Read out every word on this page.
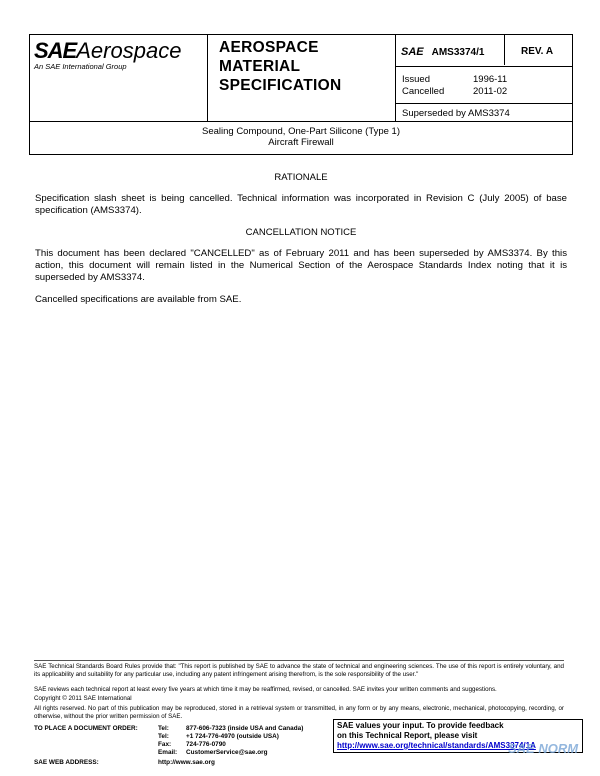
SAEAerospace
An SAE International Group
AEROSPACE
MATERIAL
SPECIFICATION
SAE AMS3374/1	REV. A
Issued	1996-11
Cancelled	2011-02
Superseded by AMS3374
Sealing Compound, One-Part Silicone (Type 1)
Aircraft Firewall
RATIONALE
Specification slash sheet is being cancelled. Technical information was incorporated in Revision C (July 2005) of base specification (AMS3374).
CANCELLATION NOTICE
This document has been declared "CANCELLED" as of February 2011 and has been superseded by AMS3374. By this action, this document will remain listed in the Numerical Section of the Aerospace Standards Index noting that it is superseded by AMS3374.
Cancelled specifications are available from SAE.
SAE Technical Standards Board Rules provide that: "This report is published by SAE to advance the state of technical and engineering sciences. The use of this report is entirely voluntary, and its applicability and suitability for any particular use, including any patent infringement arising therefrom, is the sole responsibility of the user."
SAE reviews each technical report at least every five years at which time it may be reaffirmed, revised, or cancelled. SAE invites your written comments and suggestions.
Copyright © 2011 SAE International
All rights reserved. No part of this publication may be reproduced, stored in a retrieval system or transmitted, in any form or by any means, electronic, mechanical, photocopying, recording, or otherwise, without the prior written permission of SAE.
TO PLACE A DOCUMENT ORDER:	Tel:	877-606-7323 (inside USA and Canada)
Tel:	+1 724-776-4970 (outside USA)
Fax: 724-776-0790
Email: CustomerService@sae.org
SAE WEB ADDRESS:	http://www.sae.org
SAE values your input. To provide feedback
on this Technical Report, please visit
http://www.sae.org/technical/standards/AMS3374/1A
SAE NORM
